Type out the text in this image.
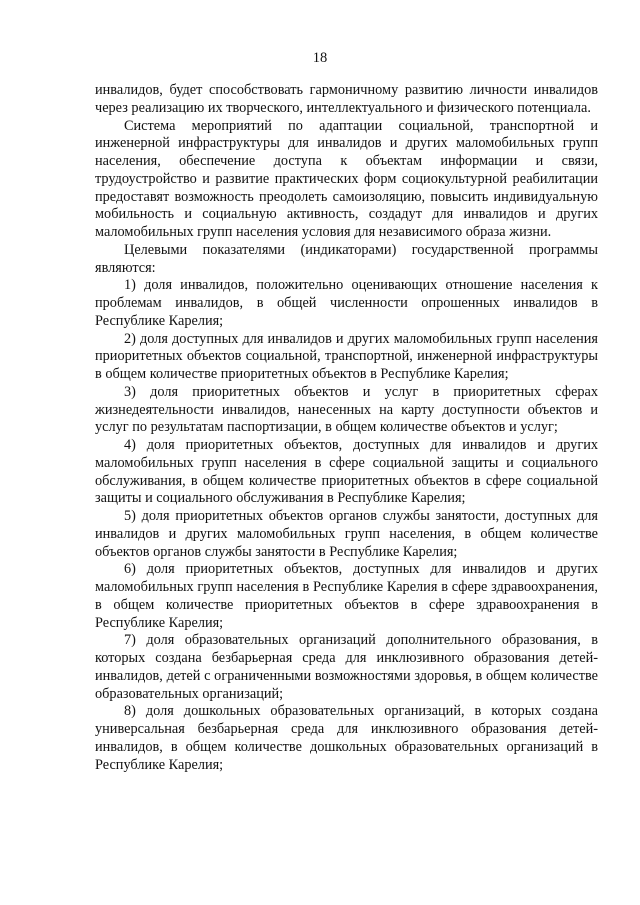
18

инвалидов, будет способствовать гармоничному развитию личности инвалидов через реализацию их творческого, интеллектуального и физического потенциала.

Система мероприятий по адаптации социальной, транспортной и инженерной инфраструктуры для инвалидов и других маломобильных групп населения, обеспечение доступа к объектам информации и связи, трудоустройство и развитие практических форм социокультурной реабилитации предоставят возможность преодолеть самоизоляцию, повысить индивидуальную мобильность и социальную активность, создадут для инвалидов и других маломобильных групп населения условия для независимого образа жизни.

Целевыми показателями (индикаторами) государственной программы являются:

1) доля инвалидов, положительно оценивающих отношение населения к проблемам инвалидов, в общей численности опрошенных инвалидов в Республике Карелия;

2) доля доступных для инвалидов и других маломобильных групп населения приоритетных объектов социальной, транспортной, инженерной инфраструктуры в общем количестве приоритетных объектов в Республике Карелия;

3) доля приоритетных объектов и услуг в приоритетных сферах жизнедеятельности инвалидов, нанесенных на карту доступности объектов и услуг по результатам паспортизации, в общем количестве объектов и услуг;

4) доля приоритетных объектов, доступных для инвалидов и других маломобильных групп населения в сфере социальной защиты и социального обслуживания, в общем количестве приоритетных объектов в сфере социальной защиты и социального обслуживания в Республике Карелия;

5) доля приоритетных объектов органов службы занятости, доступных для инвалидов и других маломобильных групп населения, в общем количестве объектов органов службы занятости в Республике Карелия;

6) доля приоритетных объектов, доступных для инвалидов и других маломобильных групп населения в Республике Карелия в сфере здравоохранения, в общем количестве приоритетных объектов в сфере здравоохранения в Республике Карелия;

7) доля образовательных организаций дополнительного образования, в которых создана безбарьерная среда для инклюзивного образования детей-инвалидов, детей с ограниченными возможностями здоровья, в общем количестве образовательных организаций;

8) доля дошкольных образовательных организаций, в которых создана универсальная безбарьерная среда для инклюзивного образования детей-инвалидов, в общем количестве дошкольных образовательных организаций в Республике Карелия;
